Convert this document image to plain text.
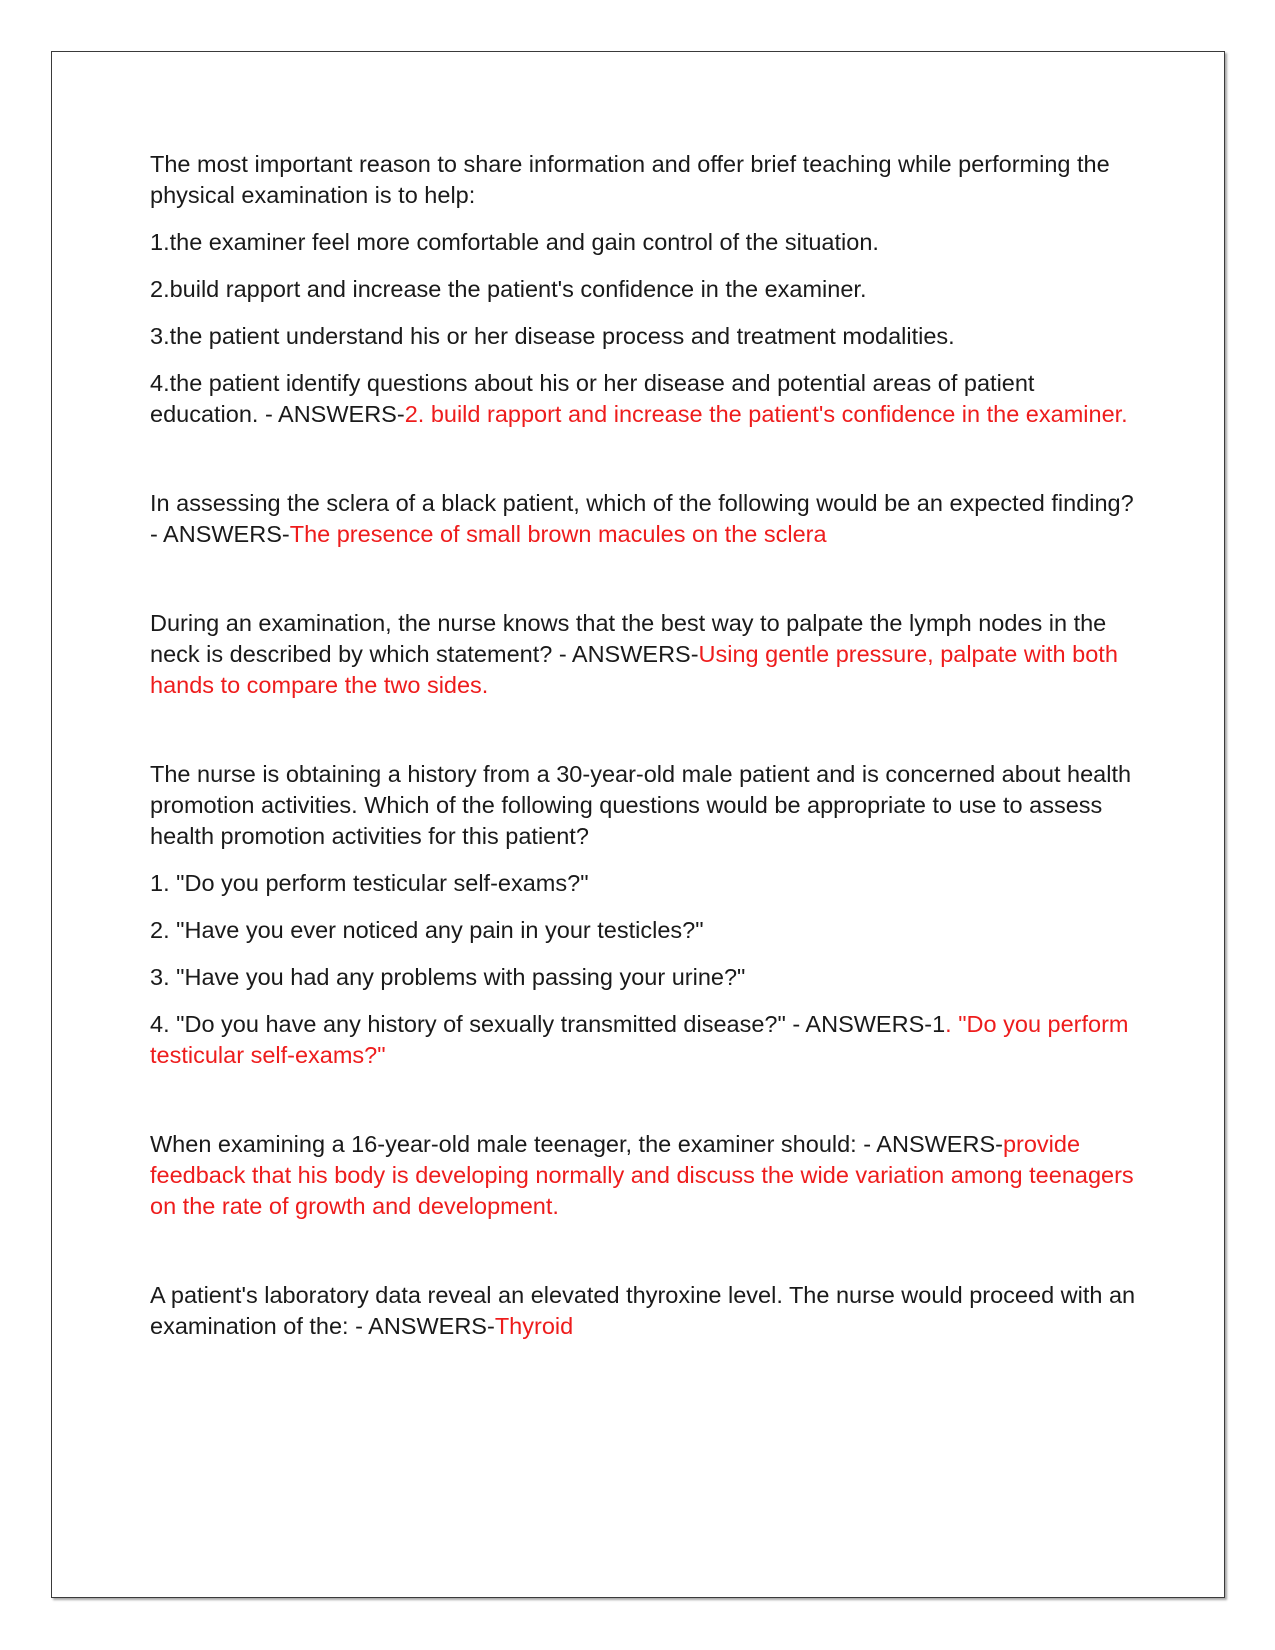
The most important reason to share information and offer brief teaching while performing the physical examination is to help:

1.the examiner feel more comfortable and gain control of the situation.

2.build rapport and increase the patient's confidence in the examiner.

3.the patient understand his or her disease process and treatment modalities.

4.the patient identify questions about his or her disease and potential areas of patient education. - ANSWERS-2. build rapport and increase the patient's confidence in the examiner.

In assessing the sclera of a black patient, which of the following would be an expected finding? - ANSWERS-The presence of small brown macules on the sclera

During an examination, the nurse knows that the best way to palpate the lymph nodes in the neck is described by which statement? - ANSWERS-Using gentle pressure, palpate with both hands to compare the two sides.

The nurse is obtaining a history from a 30-year-old male patient and is concerned about health promotion activities. Which of the following questions would be appropriate to use to assess health promotion activities for this patient?

1. "Do you perform testicular self-exams?"

2. "Have you ever noticed any pain in your testicles?"

3. "Have you had any problems with passing your urine?"

4. "Do you have any history of sexually transmitted disease?" - ANSWERS-1. "Do you perform testicular self-exams?"

When examining a 16-year-old male teenager, the examiner should: - ANSWERS-provide feedback that his body is developing normally and discuss the wide variation among teenagers on the rate of growth and development.

A patient's laboratory data reveal an elevated thyroxine level. The nurse would proceed with an examination of the: - ANSWERS-Thyroid
